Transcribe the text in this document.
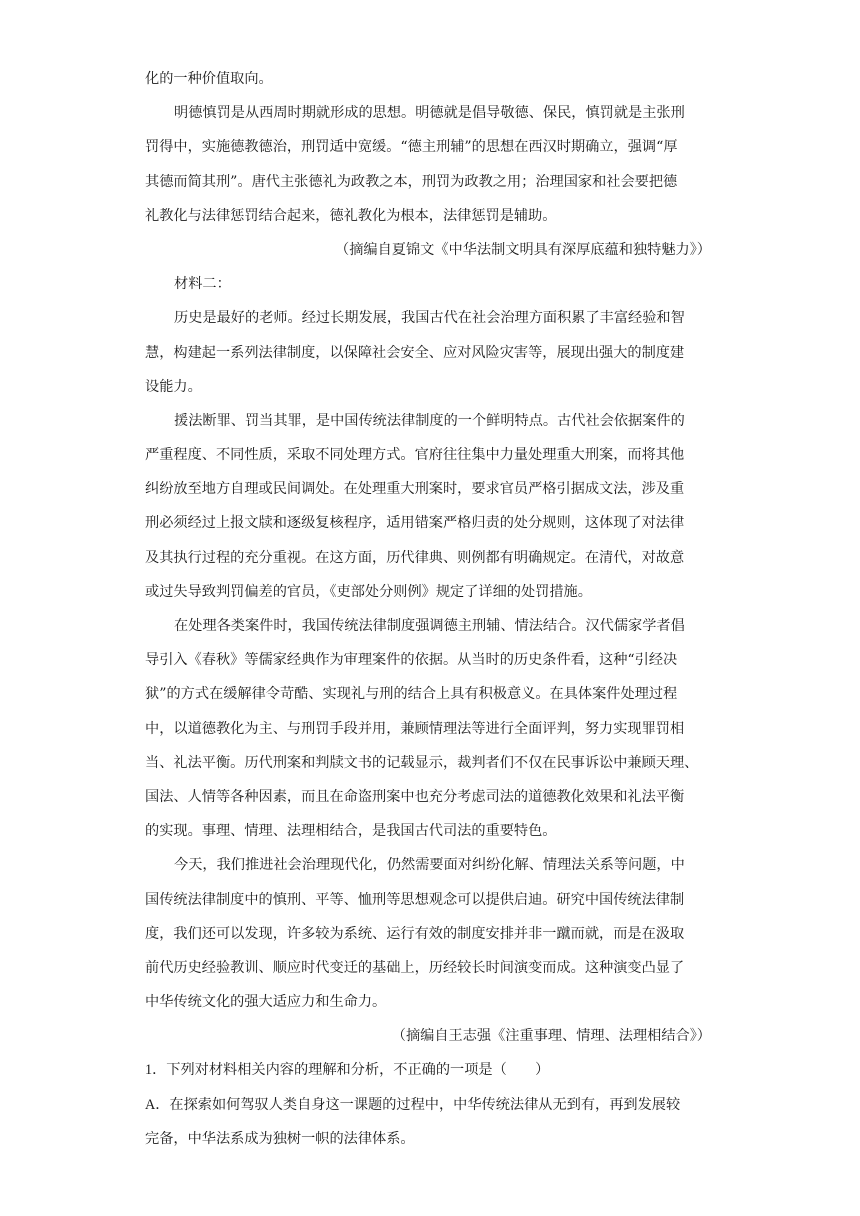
化的一种价值取向。

明德慎罚是从西周时期就形成的思想。明德就是倡导敬德、保民，慎罚就是主张刑

罚得中，实施德教德治，刑罚适中宽缓。“德主刑辅”的思想在西汉时期确立，强调“厚

其德而简其刑”。唐代主张德礼为政教之本，刑罚为政教之用；治理国家和社会要把德

礼教化与法律惩罚结合起来，德礼教化为根本，法律惩罚是辅助。

（摘编自夏锦文《中华法制文明具有深厚底蕴和独特魅力》）

材料二：

历史是最好的老师。经过长期发展，我国古代在社会治理方面积累了丰富经验和智

慧，构建起一系列法律制度，以保障社会安全、应对风险灾害等，展现出强大的制度建

设能力。

援法断罪、罚当其罪，是中国传统法律制度的一个鲜明特点。古代社会依据案件的

严重程度、不同性质，采取不同处理方式。官府往往集中力量处理重大刑案，而将其他

纠纷放至地方自理或民间调处。在处理重大刑案时，要求官员严格引据成文法，涉及重

刑必须经过上报文牍和逐级复核程序，适用错案严格归责的处分规则，这体现了对法律

及其执行过程的充分重视。在这方面，历代律典、则例都有明确规定。在清代，对故意

或过失导致判罚偏差的官员，《吏部处分则例》规定了详细的处罚措施。

在处理各类案件时，我国传统法律制度强调德主刑辅、情法结合。汉代儒家学者倡

导引入《春秋》等儒家经典作为审理案件的依据。从当时的历史条件看，这种“引经决

狱”的方式在缓解律令苛酷、实现礼与刑的结合上具有积极意义。在具体案件处理过程

中，以道德教化为主、与刑罚手段并用，兼顾情理法等进行全面评判，努力实现罪罚相

当、礼法平衡。历代刑案和判牍文书的记载显示，裁判者们不仅在民事诉讼中兼顾天理、

国法、人情等各种因素，而且在命盗刑案中也充分考虑司法的道德教化效果和礼法平衡

的实现。事理、情理、法理相结合，是我国古代司法的重要特色。

今天，我们推进社会治理现代化，仍然需要面对纠纷化解、情理法关系等问题，中

国传统法律制度中的慎刑、平等、恤刑等思想观念可以提供启迪。研究中国传统法律制

度，我们还可以发现，许多较为系统、运行有效的制度安排并非一蹴而就，而是在汲取

前代历史经验教训、顺应时代变迁的基础上，历经较长时间演变而成。这种演变凸显了

中华传统文化的强大适应力和生命力。

（摘编自王志强《注重事理、情理、法理相结合》）

1．下列对材料相关内容的理解和分析，不正确的一项是（　　）

A．在探索如何驾驭人类自身这一课题的过程中，中华传统法律从无到有，再到发展较

完备，中华法系成为独树一帜的法律体系。
